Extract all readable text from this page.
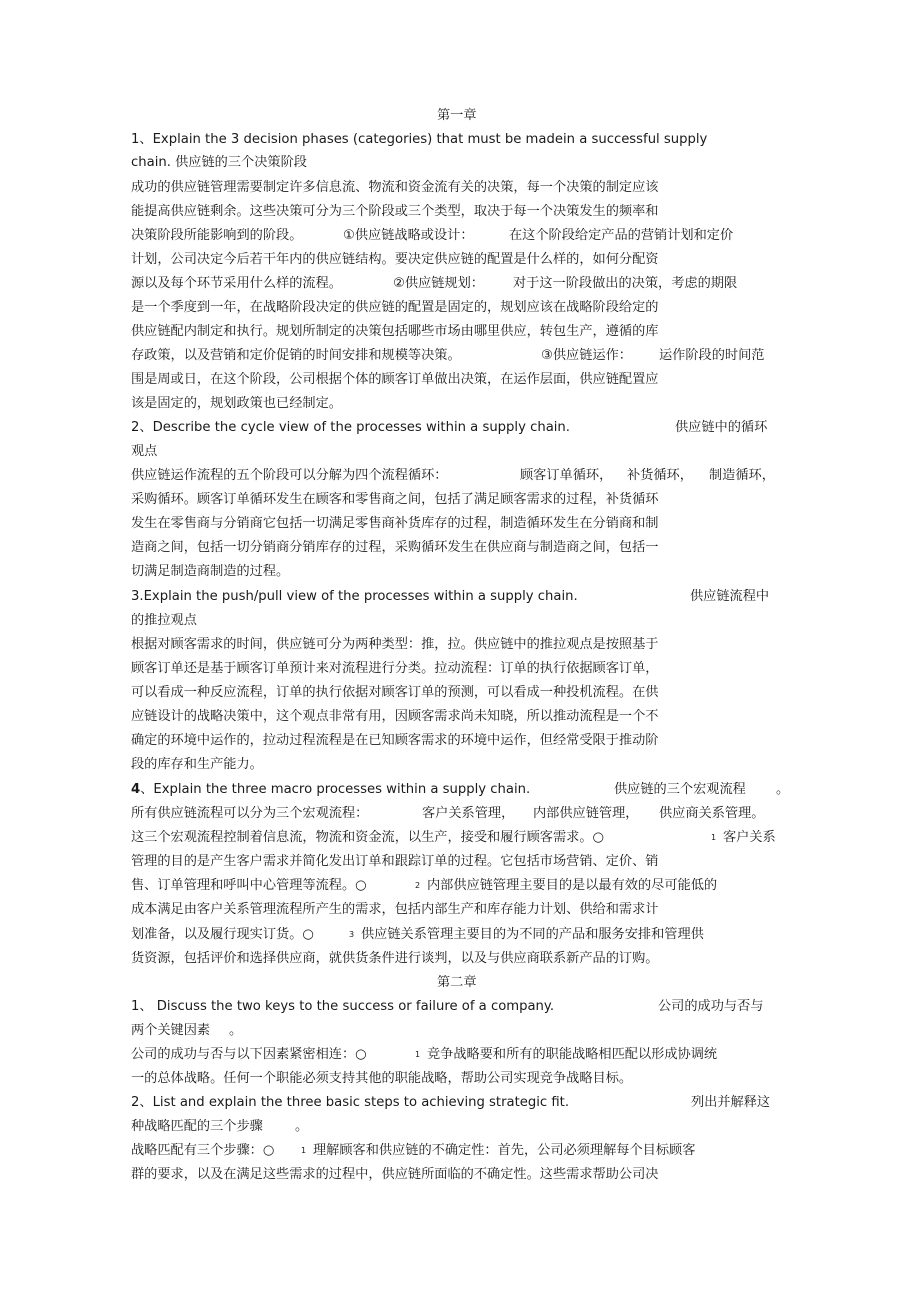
第一章
1、Explain the 3 decision phases (categories) that must be madein a successful supply
chain. 供应链的三个决策阶段
成功的供应链管理需要制定许多信息流、物流和资金流有关的决策，每一个决策的制定应该
能提高供应链剩余。这些决策可分为三个阶段或三个类型，取决于每一个决策发生的频率和
决策阶段所能影响到的阶段。	①供应链战略或设计：	在这个阶段给定产品的营销计划和定价
计划，公司决定今后若干年内的供应链结构。要决定供应链的配置是什么样的，如何分配资
源以及每个环节采用什么样的流程。	②供应链规划： 对于这一阶段做出的决策，考虑的期限
是一个季度到一年，在战略阶段决定的供应链的配置是固定的，规划应该在战略阶段给定的
供应链配内制定和执行。规划所制定的决策包括哪些市场由哪里供应，转包生产，遵循的库
存政策，以及营销和定价促销的时间安排和规模等决策。	③供应链运作： 运作阶段的时间范
围是周或日，在这个阶段，公司根据个体的顾客订单做出决策，在运作层面，供应链配置应
该是固定的，规划政策也已经制定。
2、Describe the cycle view of the processes within a supply chain.	供应链中的循环
观点
供应链运作流程的五个阶段可以分解为四个流程循环：	顾客订单循环， 补货循环， 制造循环，
采购循环。顾客订单循环发生在顾客和零售商之间，包括了满足顾客需求的过程，补货循环
发生在零售商与分销商它包括一切满足零售商补货库存的过程，制造循环发生在分销商和制
造商之间，包括一切分销商分销库存的过程，采购循环发生在供应商与制造商之间，包括一
切满足制造商制造的过程。
3.Explain the push/pull view of the processes within a supply chain.	供应链流程中
的推拉观点
根据对顾客需求的时间，供应链可分为两种类型：推，拉。供应链中的推拉观点是按照基于
顾客订单还是基于顾客订单预计来对流程进行分类。拉动流程：订单的执行依据顾客订单，
可以看成一种反应流程，订单的执行依据对顾客订单的预测，可以看成一种投机流程。在供
应链设计的战略决策中，这个观点非常有用，因顾客需求尚未知晓，所以推动流程是一个不
确定的环境中运作的，拉动过程流程是在已知顾客需求的环境中运作，但经常受限于推动阶
段的库存和生产能力。
4、Explain the three macro processes within a supply chain.	供应链的三个宏观流程 。
所有供应链流程可以分为三个宏观流程：	客户关系管理， 内部供应链管理， 供应商关系管理。
这三个宏观流程控制着信息流，物流和资金流，以生产，接受和履行顾客需求。○	1 客户关系
管理的目的是产生客户需求并简化发出订单和跟踪订单的过程。它包括市场营销、定价、销
售、订单管理和呼叫中心管理等流程。○	2 内部供应链管理主要目的是以最有效的尽可能低的
成本满足由客户关系管理流程所产生的需求，包括内部生产和库存能力计划、供给和需求计
划准备，以及履行现实订货。○	3 供应链关系管理主要目的为不同的产品和服务安排和管理供
货资源，包括评价和选择供应商，就供货条件进行谈判，以及与供应商联系新产品的订购。
第二章
1、 Discuss the two keys to the success or failure of a company.	公司的成功与否与
两个关键因素 。
公司的成功与否与以下因素紧密相连：○	1 竞争战略要和所有的职能战略相匹配以形成协调统
一的总体战略。任何一个职能必须支持其他的职能战略，帮助公司实现竞争战略目标。
2、List and explain the three basic steps to achieving strategic fit.	列出并解释这
种战略匹配的三个步骤 。
战略匹配有三个步骤：○	1 理解顾客和供应链的不确定性：首先，公司必须理解每个目标顾客
群的要求，以及在满足这些需求的过程中，供应链所面临的不确定性。这些需求帮助公司决
